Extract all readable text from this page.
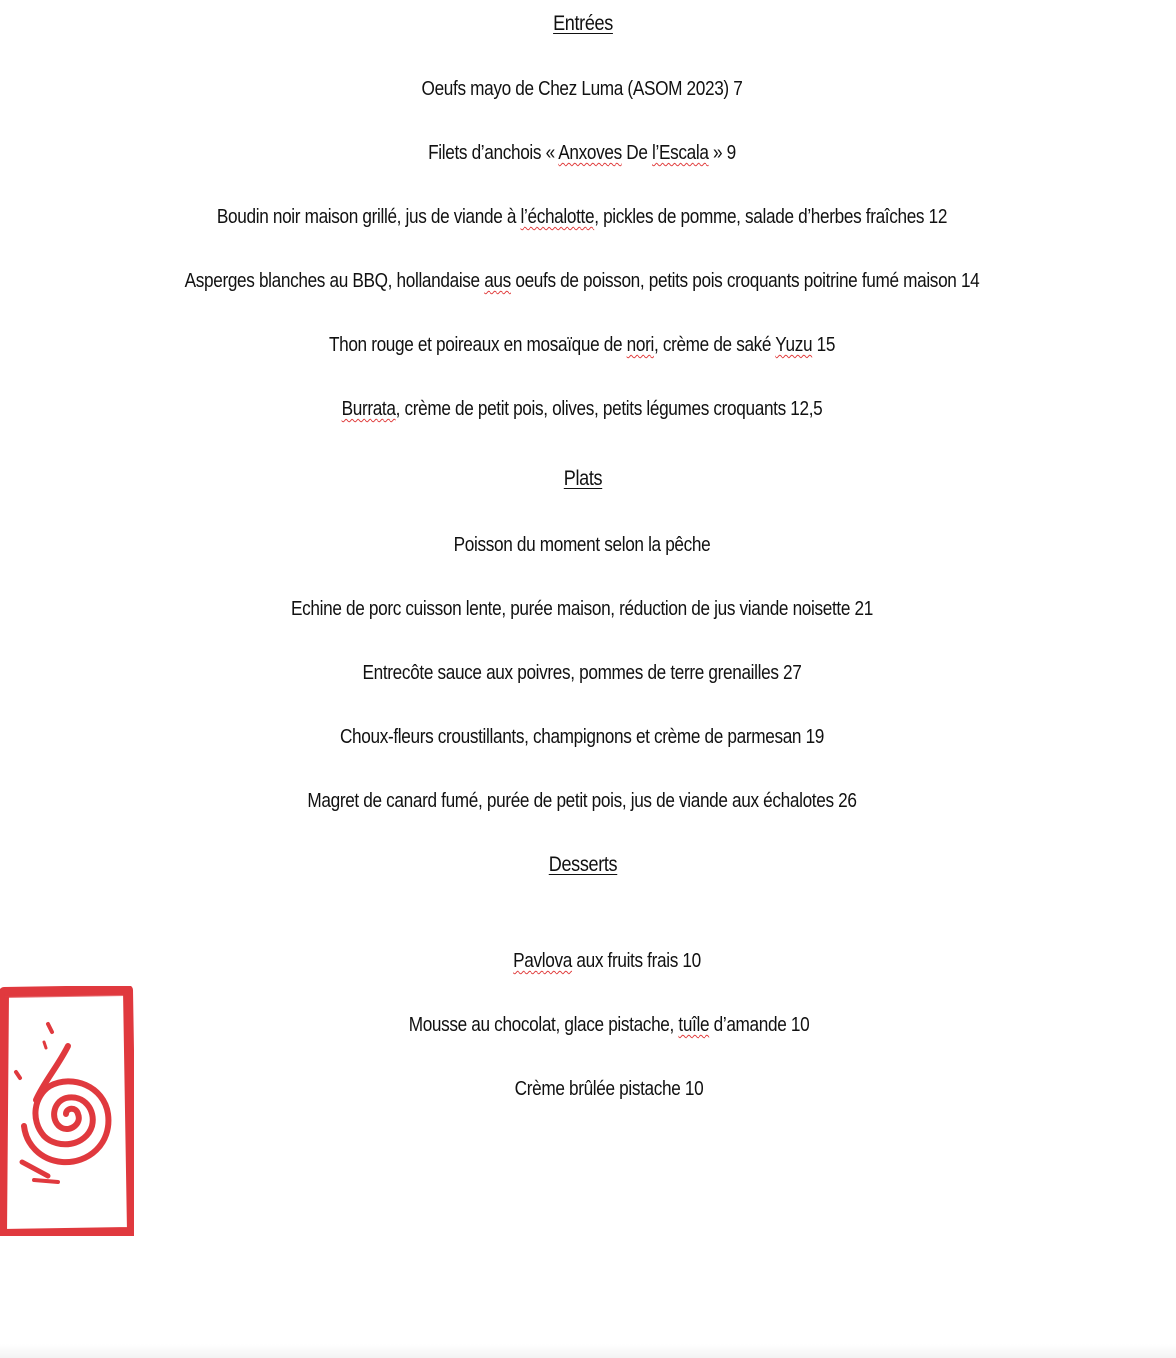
Entrées
Oeufs mayo de Chez Luma (ASOM 2023) 7
Filets d’anchois « Anxoves De l’Escala » 9
Boudin noir maison grillé, jus de viande à l’échalotte, pickles de pomme, salade d’herbes fraîches 12
Asperges blanches au BBQ, hollandaise aus oeufs de poisson, petits pois croquants poitrine fumé maison 14
Thon rouge et poireaux en mosaïque de nori, crème de saké Yuzu 15
Burrata, crème de petit pois, olives, petits légumes croquants 12,5
Plats
Poisson du moment selon la pêche
Echine de porc cuisson lente, purée maison, réduction de jus viande noisette 21
Entrecôte sauce aux poivres, pommes de terre grenailles 27
Choux-fleurs croustillants, champignons et crème de parmesan 19
Magret de canard fumé, purée de petit pois, jus de viande aux échalotes 26
Desserts
Pavlova aux fruits frais 10
Mousse au chocolat, glace pistache, tuîle d’amande 10
Crème brûlée pistache 10
